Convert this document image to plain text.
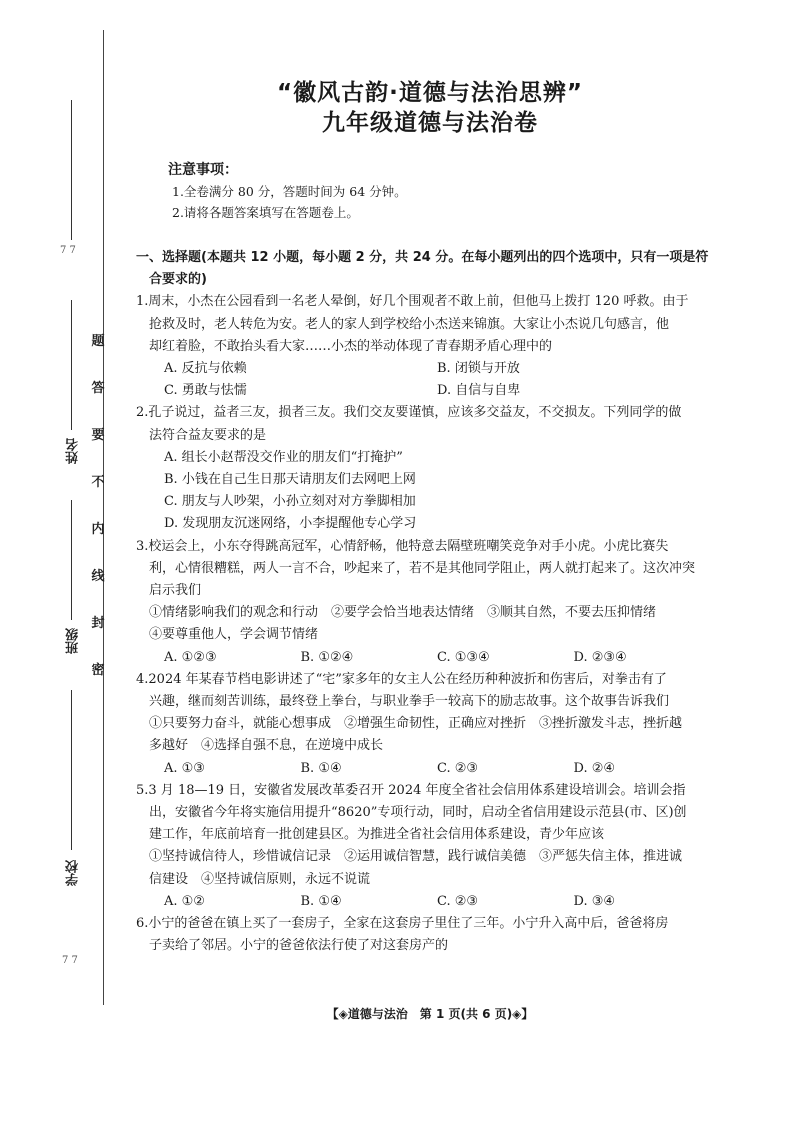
7 7
姓名
班级
学校
7 7
题
答
要
不
内
线
封
密
“徽风古韵·道德与法治思辨”
九年级道德与法治卷
注意事项：
1.全卷满分 80 分，答题时间为 64 分钟。
2.请将各题答案填写在答题卷上。
一、选择题(本题共 12 小题，每小题 2 分，共 24 分。在每小题列出的四个选项中，只有一项是符
合要求的)
1.周末，小杰在公园看到一名老人晕倒，好几个围观者不敢上前，但他马上拨打 120 呼救。由于
抢救及时，老人转危为安。老人的家人到学校给小杰送来锦旗。大家让小杰说几句感言，他
却红着脸，不敢抬头看大家……小杰的举动体现了青春期矛盾心理中的
A. 反抗与依赖	B. 闭锁与开放
C. 勇敢与怯懦	D. 自信与自卑
2.孔子说过，益者三友，损者三友。我们交友要谨慎，应该多交益友，不交损友。下列同学的做
法符合益友要求的是
A. 组长小赵帮没交作业的朋友们“打掩护”
B. 小钱在自己生日那天请朋友们去网吧上网
C. 朋友与人吵架，小孙立刻对对方拳脚相加
D. 发现朋友沉迷网络，小李提醒他专心学习
3.校运会上，小东夺得跳高冠军，心情舒畅，他特意去隔壁班嘲笑竞争对手小虎。小虎比赛失
利，心情很糟糕，两人一言不合，吵起来了，若不是其他同学阻止，两人就打起来了。这次冲突
启示我们
①情绪影响我们的观念和行动　②要学会恰当地表达情绪　③顺其自然，不要去压抑情绪
④要尊重他人，学会调节情绪
A. ①②③	B. ①②④	C. ①③④	D. ②③④
4.2024 年某春节档电影讲述了“宅”家多年的女主人公在经历种种波折和伤害后，对拳击有了
兴趣，继而刻苦训练，最终登上拳台，与职业拳手一较高下的励志故事。这个故事告诉我们
①只要努力奋斗，就能心想事成　②增强生命韧性，正确应对挫折　③挫折激发斗志，挫折越
多越好　④选择自强不息，在逆境中成长
A. ①③	B. ①④	C. ②③	D. ②④
5.3 月 18—19 日，安徽省发展改革委召开 2024 年度全省社会信用体系建设培训会。培训会指
出，安徽省今年将实施信用提升“8620”专项行动，同时，启动全省信用建设示范县(市、区)创
建工作，年底前培育一批创建县区。为推进全省社会信用体系建设，青少年应该
①坚持诚信待人，珍惜诚信记录　②运用诚信智慧，践行诚信美德　③严惩失信主体，推进诚
信建设　④坚持诚信原则，永远不说谎
A. ①②	B. ①④	C. ②③	D. ③④
6.小宁的爸爸在镇上买了一套房子，全家在这套房子里住了三年。小宁升入高中后，爸爸将房
子卖给了邻居。小宁的爸爸依法行使了对这套房产的
【◈道德与法治　第 1 页(共 6 页)◈】
